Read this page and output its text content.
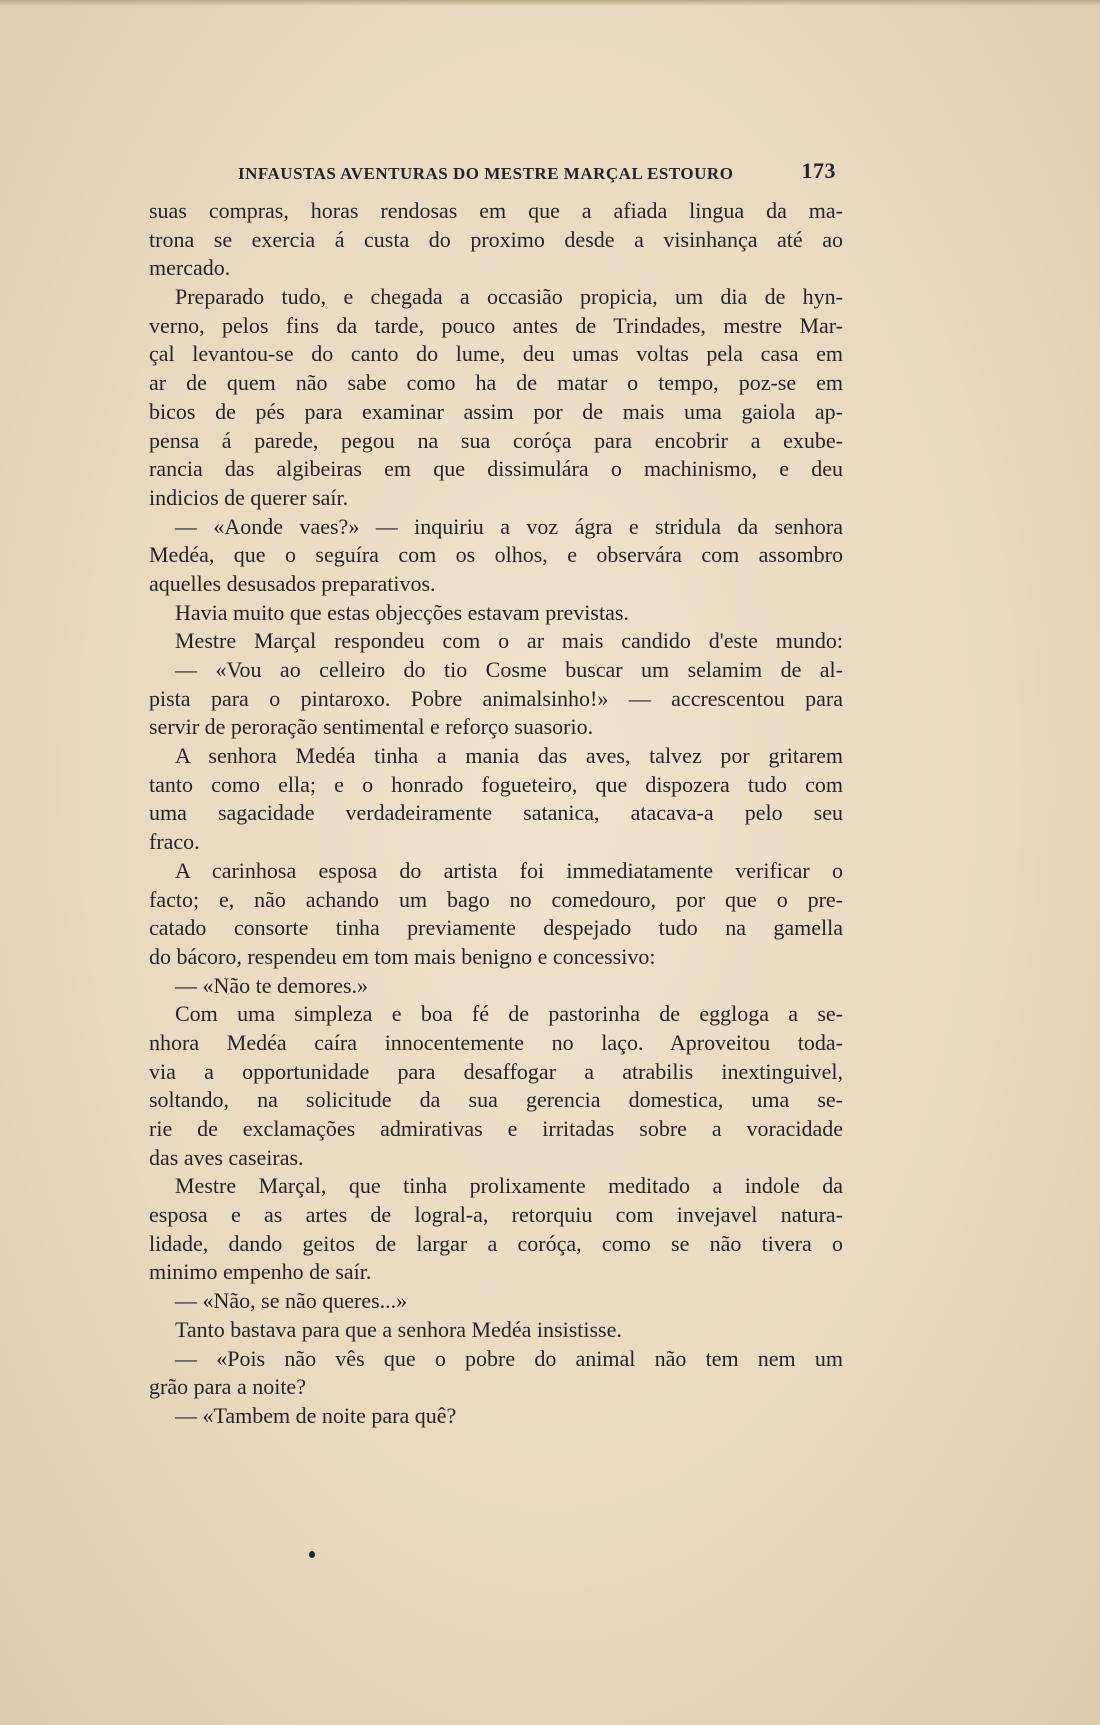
INFAUSTAS AVENTURAS DO MESTRE MARÇAL ESTOURO	173
suas compras, horas rendosas em que a afiada lingua da ma-
trona se exercia á custa do proximo desde a visinhança até ao
mercado.
Preparado tudo, e chegada a occasião propicia, um dia de hyn-
verno, pelos fins da tarde, pouco antes de Trindades, mestre Mar-
çal levantou-se do canto do lume, deu umas voltas pela casa em
ar de quem não sabe como ha de matar o tempo, poz-se em
bicos de pés para examinar assim por de mais uma gaiola ap-
pensa á parede, pegou na sua coróça para encobrir a exube-
rancia das algibeiras em que dissimulára o machinismo, e deu
indicios de querer saír.
— «Aonde vaes?» — inquiriu a voz ágra e stridula da senhora
Medéa, que o seguíra com os olhos, e observára com assombro
aquelles desusados preparativos.
Havia muito que estas objecções estavam previstas.
Mestre Marçal respondeu com o ar mais candido d'este mundo:
— «Vou ao celleiro do tio Cosme buscar um selamim de al-
pista para o pintaroxo. Pobre animalsinho!» — accrescentou para
servir de peroração sentimental e reforço suasorio.
A senhora Medéa tinha a mania das aves, talvez por gritarem
tanto como ella; e o honrado fogueteiro, que dispozera tudo com
uma sagacidade verdadeiramente satanica, atacava-a pelo seu
fraco.
A carinhosa esposa do artista foi immediatamente verificar o
facto; e, não achando um bago no comedouro, por que o pre-
catado consorte tinha previamente despejado tudo na gamella
do bácoro, respendeu em tom mais benigno e concessivo:
— «Não te demores.»
Com uma simpleza e boa fé de pastorinha de eggloga a se-
nhora Medéa caíra innocentemente no laço. Aproveitou toda-
via a opportunidade para desaffogar a atrabilis inextinguivel,
soltando, na solicitude da sua gerencia domestica, uma se-
rie de exclamações admirativas e irritadas sobre a voracidade
das aves caseiras.
Mestre Marçal, que tinha prolixamente meditado a indole da
esposa e as artes de logral-a, retorquiu com invejavel natura-
lidade, dando geitos de largar a coróça, como se não tivera o
minimo empenho de saír.
— «Não, se não queres...»
Tanto bastava para que a senhora Medéa insistisse.
— «Pois não vês que o pobre do animal não tem nem um
grão para a noite?
— «Tambem de noite para quê?
